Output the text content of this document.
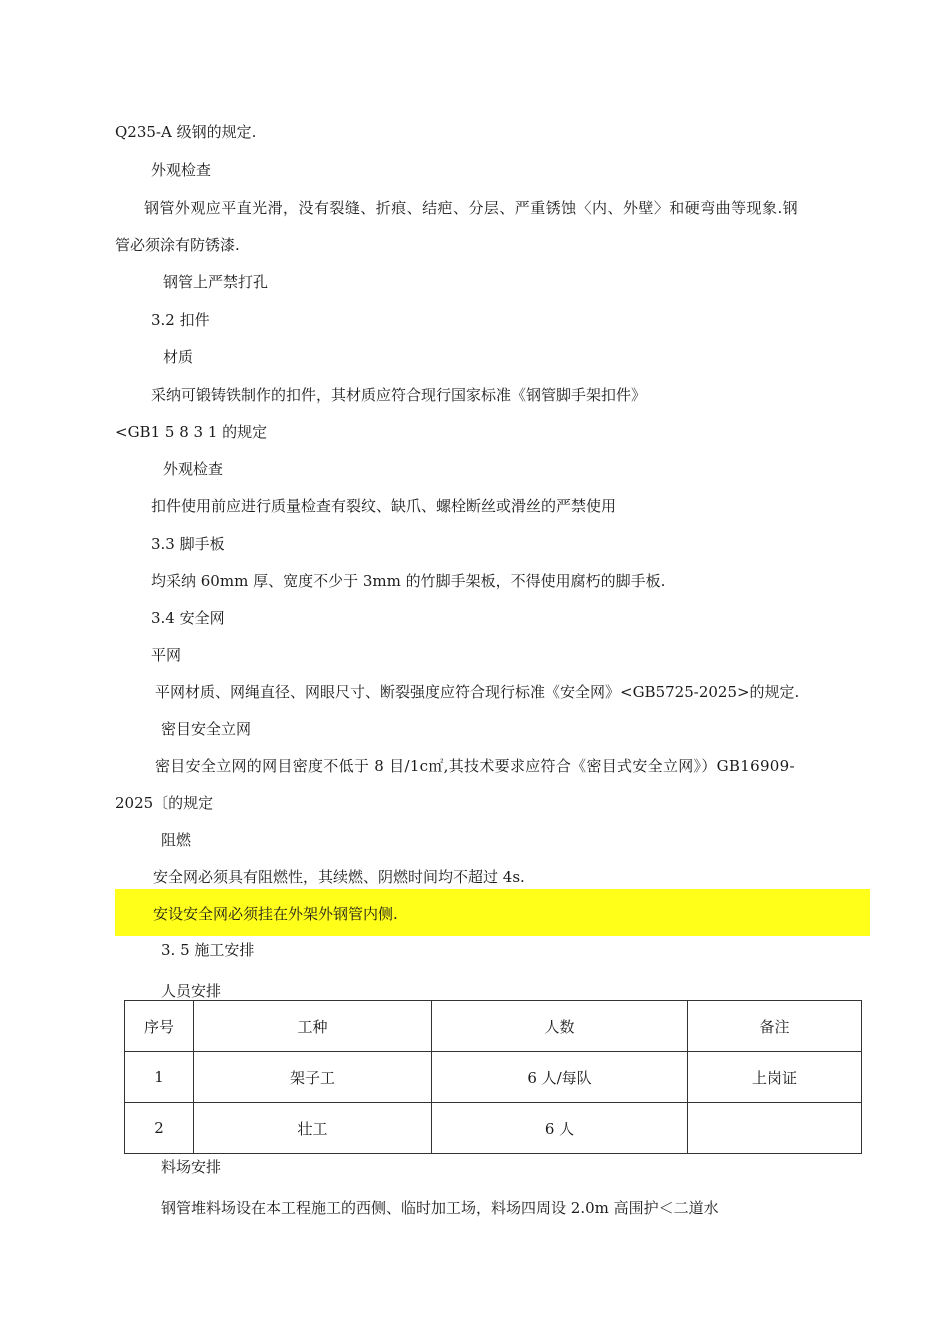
Q235-A 级钢的规定.
外观检查
钢管外观应平直光滑，没有裂缝、折痕、结疤、分层、严重锈蚀〈内、外壁〉和硬弯曲等现象.钢
管必须涂有防锈漆.
钢管上严禁打孔
3.2 扣件
材质
采纳可锻铸铁制作的扣件，其材质应符合现行国家标准《钢管脚手架扣件》
<GB1 5 8 3 1 的规定
外观检查
扣件使用前应进行质量检查有裂纹、缺爪、螺栓断丝或滑丝的严禁使用
3.3 脚手板
均采纳 60mm 厚、宽度不少于 3mm 的竹脚手架板，不得使用腐朽的脚手板.
3.4 安全网
平网
平网材质、网绳直径、网眼尺寸、断裂强度应符合现行标准《安全网》<GB5725-2025>的规定.
密目安全立网
密目安全立网的网目密度不低于 8 目/1c㎡,其技术要求应符合《密目式安全立网》）GB16909-
2025〔的规定
阻燃
安全网必须具有阻燃性，其续燃、阴燃时间均不超过 4s.
安设安全网必须挂在外架外钢管内侧.
3. 5 施工安排
人员安排
序号	工种	人数	备注
1	架子工	6 人/每队	上岗证
2	壮工	6 人	
料场安排
钢管堆料场设在本工程施工的西侧、临时加工场，料场四周设 2.0m 高围护＜二道水
